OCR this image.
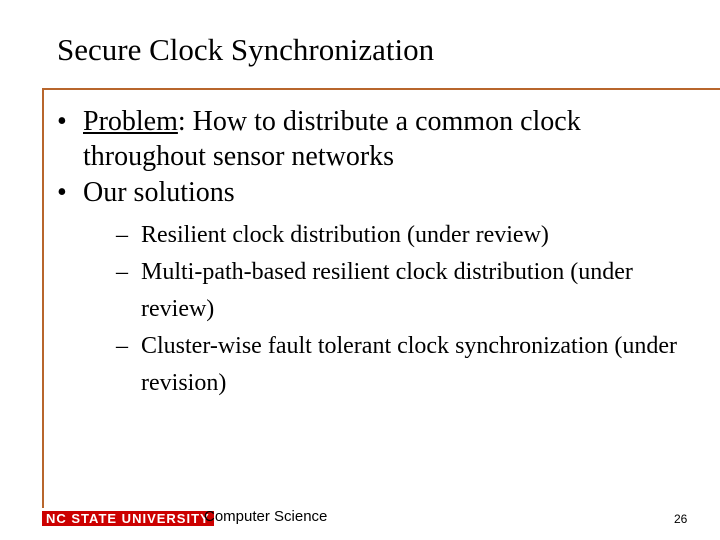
Secure Clock Synchronization
• Problem: How to distribute a common clock throughout sensor networks
• Our solutions
– Resilient clock distribution (under review)
– Multi-path-based resilient clock distribution (under review)
– Cluster-wise fault tolerant clock synchronization (under revision)
NC STATE UNIVERSITY
Computer Science	26
